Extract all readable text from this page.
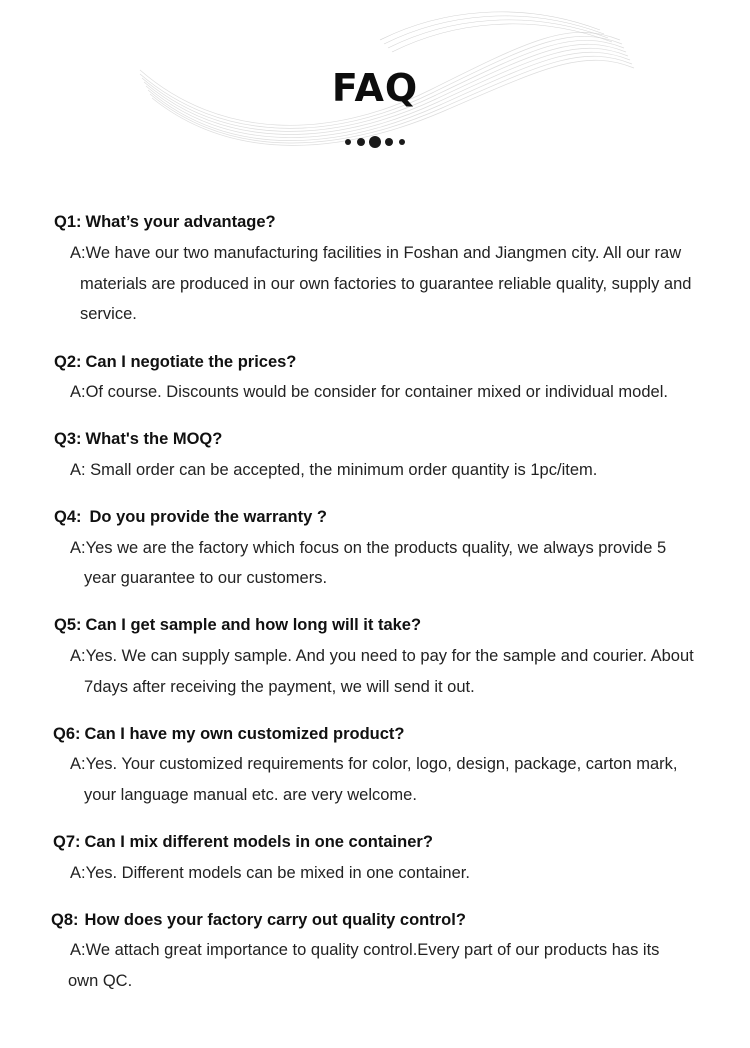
FAQ
Q1: What’s your advantage?
A:We have our two manufacturing facilities in Foshan and Jiangmen city. All our raw
materials are produced in our own factories to guarantee reliable quality, supply and
service.
Q2: Can I negotiate the prices?
A:Of course. Discounts would be consider for container mixed or individual model.
Q3: What's the MOQ?
A: Small order can be accepted, the minimum order quantity is 1pc/item.
Q4: Do you provide the warranty ?
A:Yes we are the factory which focus on the products quality, we always provide 5
year guarantee to our customers.
Q5: Can I get sample and how long will it take?
A:Yes. We can supply sample. And you need to pay for the sample and courier. About
7days after receiving the payment, we will send it out.
Q6: Can I have my own customized product?
A:Yes. Your customized requirements for color, logo, design, package, carton mark,
your language manual etc. are very welcome.
Q7: Can I mix different models in one container?
A:Yes. Different models can be mixed in one container.
Q8: How does your factory carry out quality control?
A:We attach great importance to quality control.Every part of our products has its
own QC.
